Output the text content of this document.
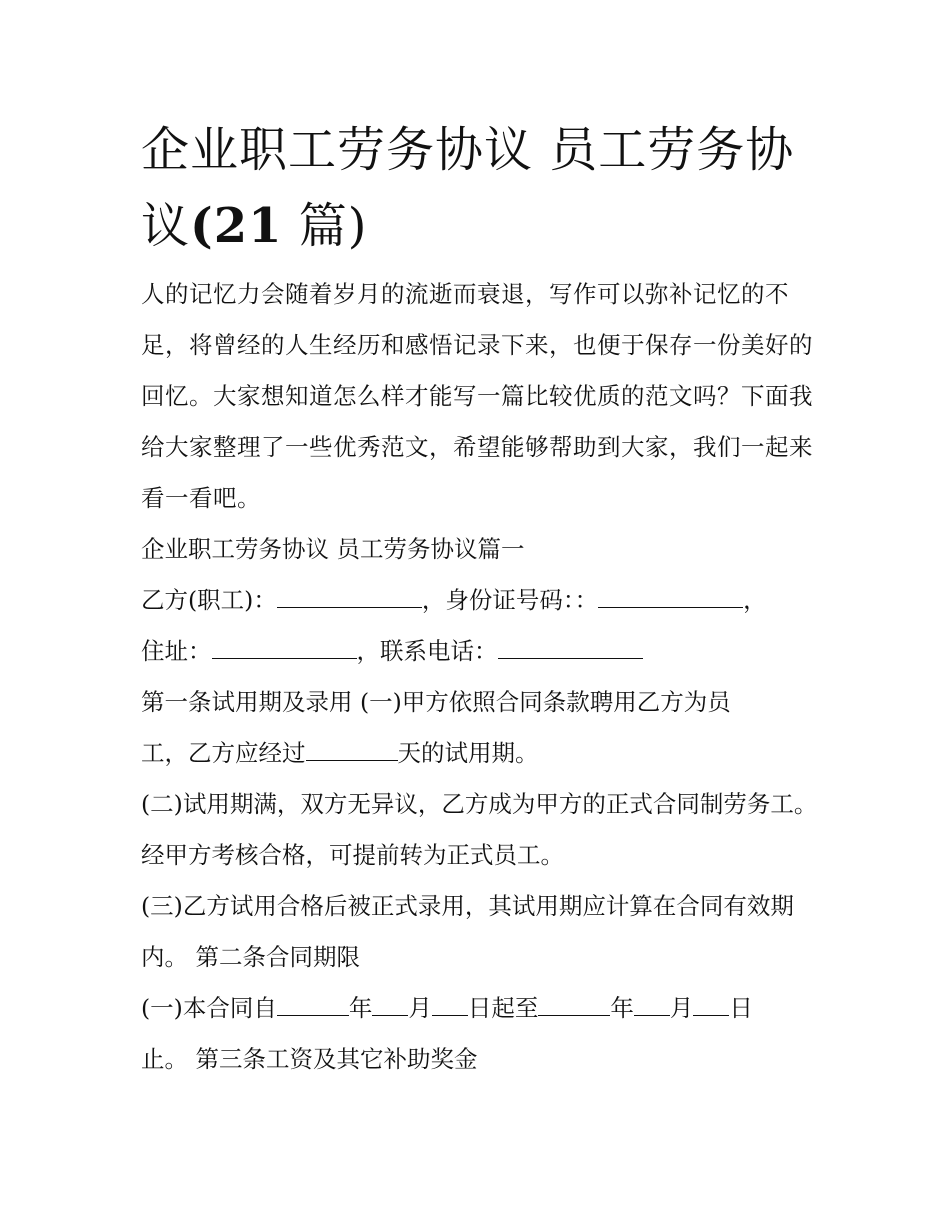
企业职工劳务协议 员工劳务协
议(21 篇)

人的记忆力会随着岁月的流逝而衰退，写作可以弥补记忆的不足，将曾经的人生经历和感悟记录下来，也便于保存一份美好的回忆。大家想知道怎么样才能写一篇比较优质的范文吗？下面我给大家整理了一些优秀范文，希望能够帮助到大家，我们一起来看一看吧。

企业职工劳务协议 员工劳务协议篇一

乙方(职工)：	，身份证号码：：	，

住址：	，联系电话：

第一条试用期及录用 (一)甲方依照合同条款聘用乙方为员

工，乙方应经过	天的试用期。

(二)试用期满，双方无异议，乙方成为甲方的正式合同制劳务工。经甲方考核合格，可提前转为正式员工。

(三)乙方试用合格后被正式录用，其试用期应计算在合同有效期内。 第二条合同期限

(一)本合同自	年 月 日起至	年 月 日

止。 第三条工资及其它补助奖金
